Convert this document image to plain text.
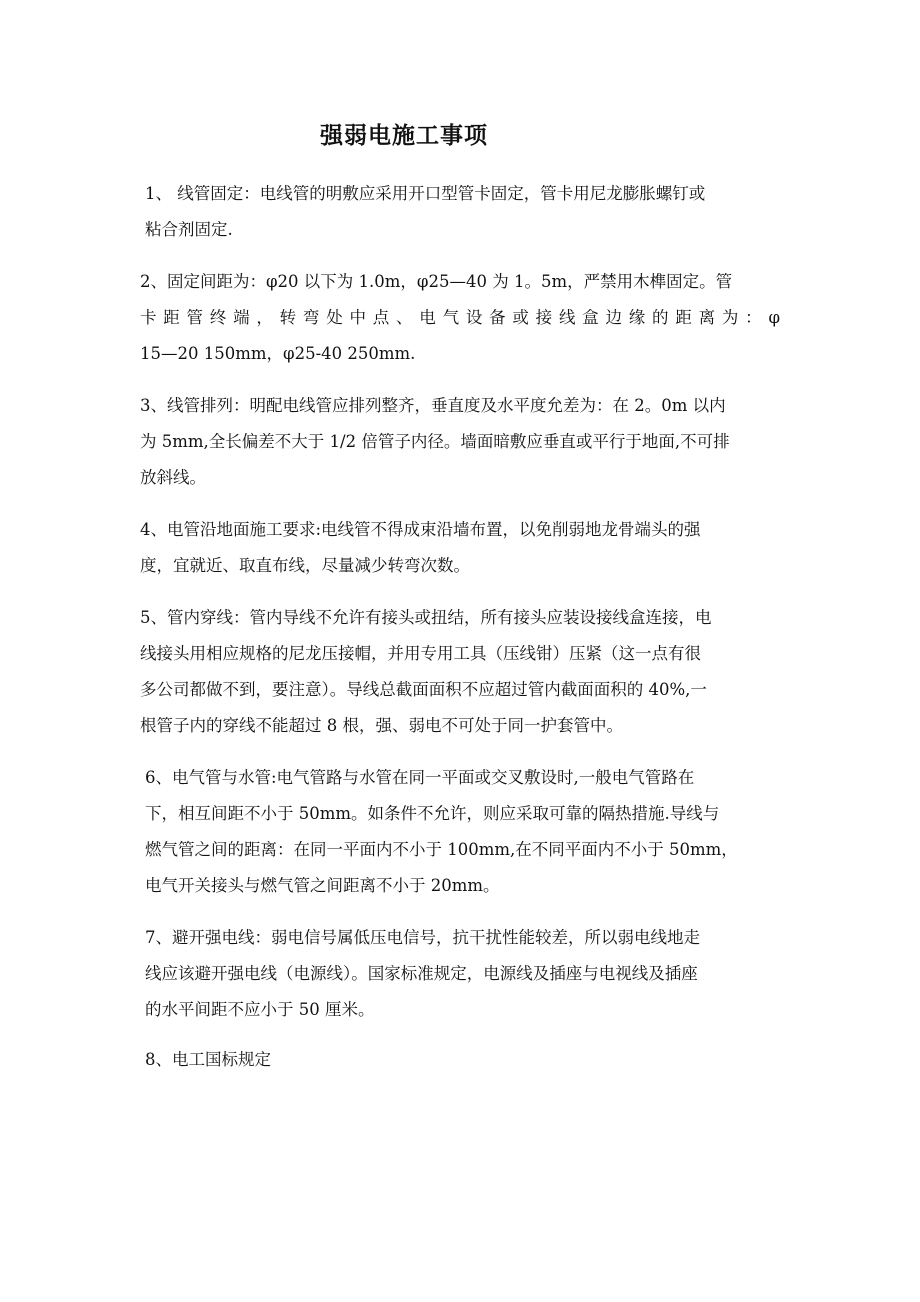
强弱电施工事项
1、 线管固定：电线管的明敷应采用开口型管卡固定，管卡用尼龙膨胀螺钉或
粘合剂固定.
2、固定间距为：φ20 以下为 1.0m，φ25—40 为 1。5m，严禁用木榫固定。管
卡距管终端，转弯处中点、电气设备或接线盒边缘的距离为：φ
15—20 150mm，φ25-40 250mm.
3、线管排列：明配电线管应排列整齐，垂直度及水平度允差为：在 2。0m 以内
为 5mm,全长偏差不大于 1/2 倍管子内径。墙面暗敷应垂直或平行于地面,不可排
放斜线。
4、电管沿地面施工要求:电线管不得成束沿墙布置，以免削弱地龙骨端头的强
度，宜就近、取直布线，尽量减少转弯次数。
5、管内穿线：管内导线不允许有接头或扭结，所有接头应装设接线盒连接，电
线接头用相应规格的尼龙压接帽，并用专用工具（压线钳）压紧（这一点有很
多公司都做不到，要注意）。导线总截面面积不应超过管内截面面积的 40%,一
根管子内的穿线不能超过 8 根，强、弱电不可处于同一护套管中。
6、电气管与水管:电气管路与水管在同一平面或交叉敷设时,一般电气管路在
下，相互间距不小于 50mm。如条件不允许，则应采取可靠的隔热措施.导线与
燃气管之间的距离：在同一平面内不小于 100mm,在不同平面内不小于 50mm，
电气开关接头与燃气管之间距离不小于 20mm。
7、避开强电线：弱电信号属低压电信号，抗干扰性能较差，所以弱电线地走
线应该避开强电线（电源线）。国家标准规定，电源线及插座与电视线及插座
的水平间距不应小于 50 厘米。
8、电工国标规定
